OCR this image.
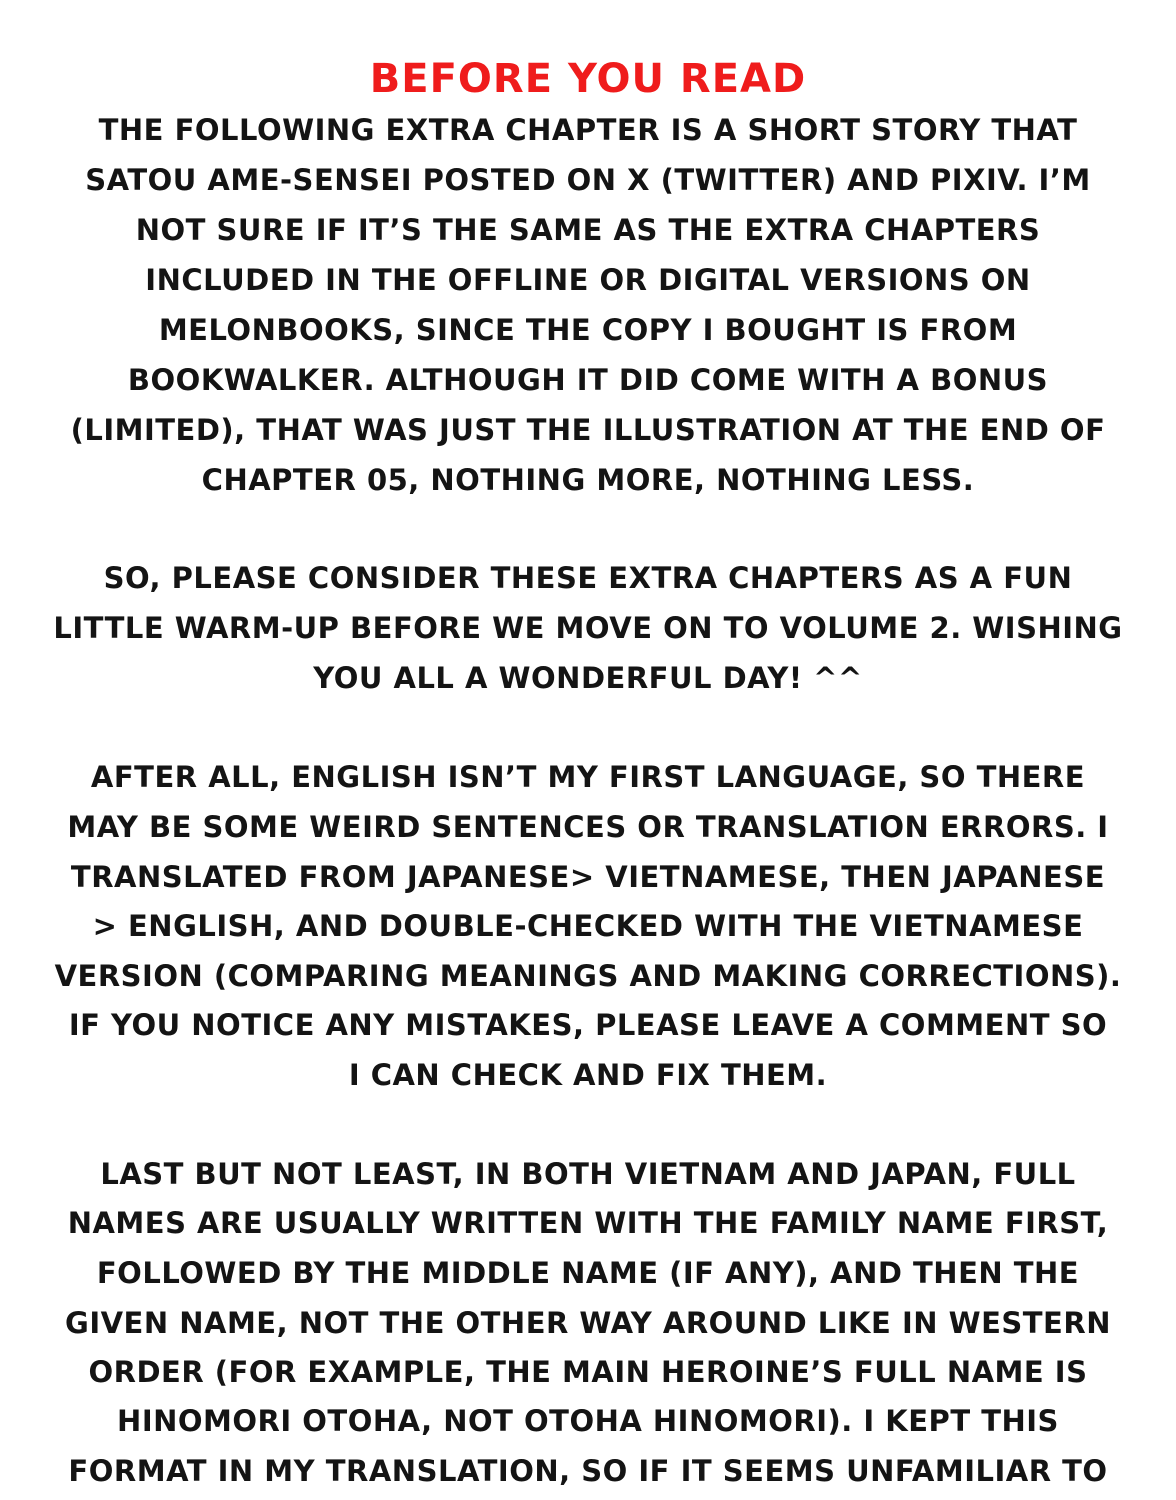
BEFORE YOU READ
THE FOLLOWING EXTRA CHAPTER IS A SHORT STORY THAT
SATOU AME-SENSEI POSTED ON X (TWITTER) AND PIXIV. I’M
NOT SURE IF IT’S THE SAME AS THE EXTRA CHAPTERS
INCLUDED IN THE OFFLINE OR DIGITAL VERSIONS ON
MELONBOOKS, SINCE THE COPY I BOUGHT IS FROM
BOOKWALKER. ALTHOUGH IT DID COME WITH A BONUS
(LIMITED), THAT WAS JUST THE ILLUSTRATION AT THE END OF
CHAPTER 05, NOTHING MORE, NOTHING LESS.
SO, PLEASE CONSIDER THESE EXTRA CHAPTERS AS A FUN
LITTLE WARM-UP BEFORE WE MOVE ON TO VOLUME 2. WISHING
YOU ALL A WONDERFUL DAY! ^^
AFTER ALL, ENGLISH ISN’T MY FIRST LANGUAGE, SO THERE
MAY BE SOME WEIRD SENTENCES OR TRANSLATION ERRORS. I
TRANSLATED FROM JAPANESE> VIETNAMESE, THEN JAPANESE
> ENGLISH, AND DOUBLE-CHECKED WITH THE VIETNAMESE
VERSION (COMPARING MEANINGS AND MAKING CORRECTIONS).
IF YOU NOTICE ANY MISTAKES, PLEASE LEAVE A COMMENT SO
I CAN CHECK AND FIX THEM.
LAST BUT NOT LEAST, IN BOTH VIETNAM AND JAPAN, FULL
NAMES ARE USUALLY WRITTEN WITH THE FAMILY NAME FIRST,
FOLLOWED BY THE MIDDLE NAME (IF ANY), AND THEN THE
GIVEN NAME, NOT THE OTHER WAY AROUND LIKE IN WESTERN
ORDER (FOR EXAMPLE, THE MAIN HEROINE’S FULL NAME IS
HINOMORI OTOHA, NOT OTOHA HINOMORI). I KEPT THIS
FORMAT IN MY TRANSLATION, SO IF IT SEEMS UNFAMILIAR TO
